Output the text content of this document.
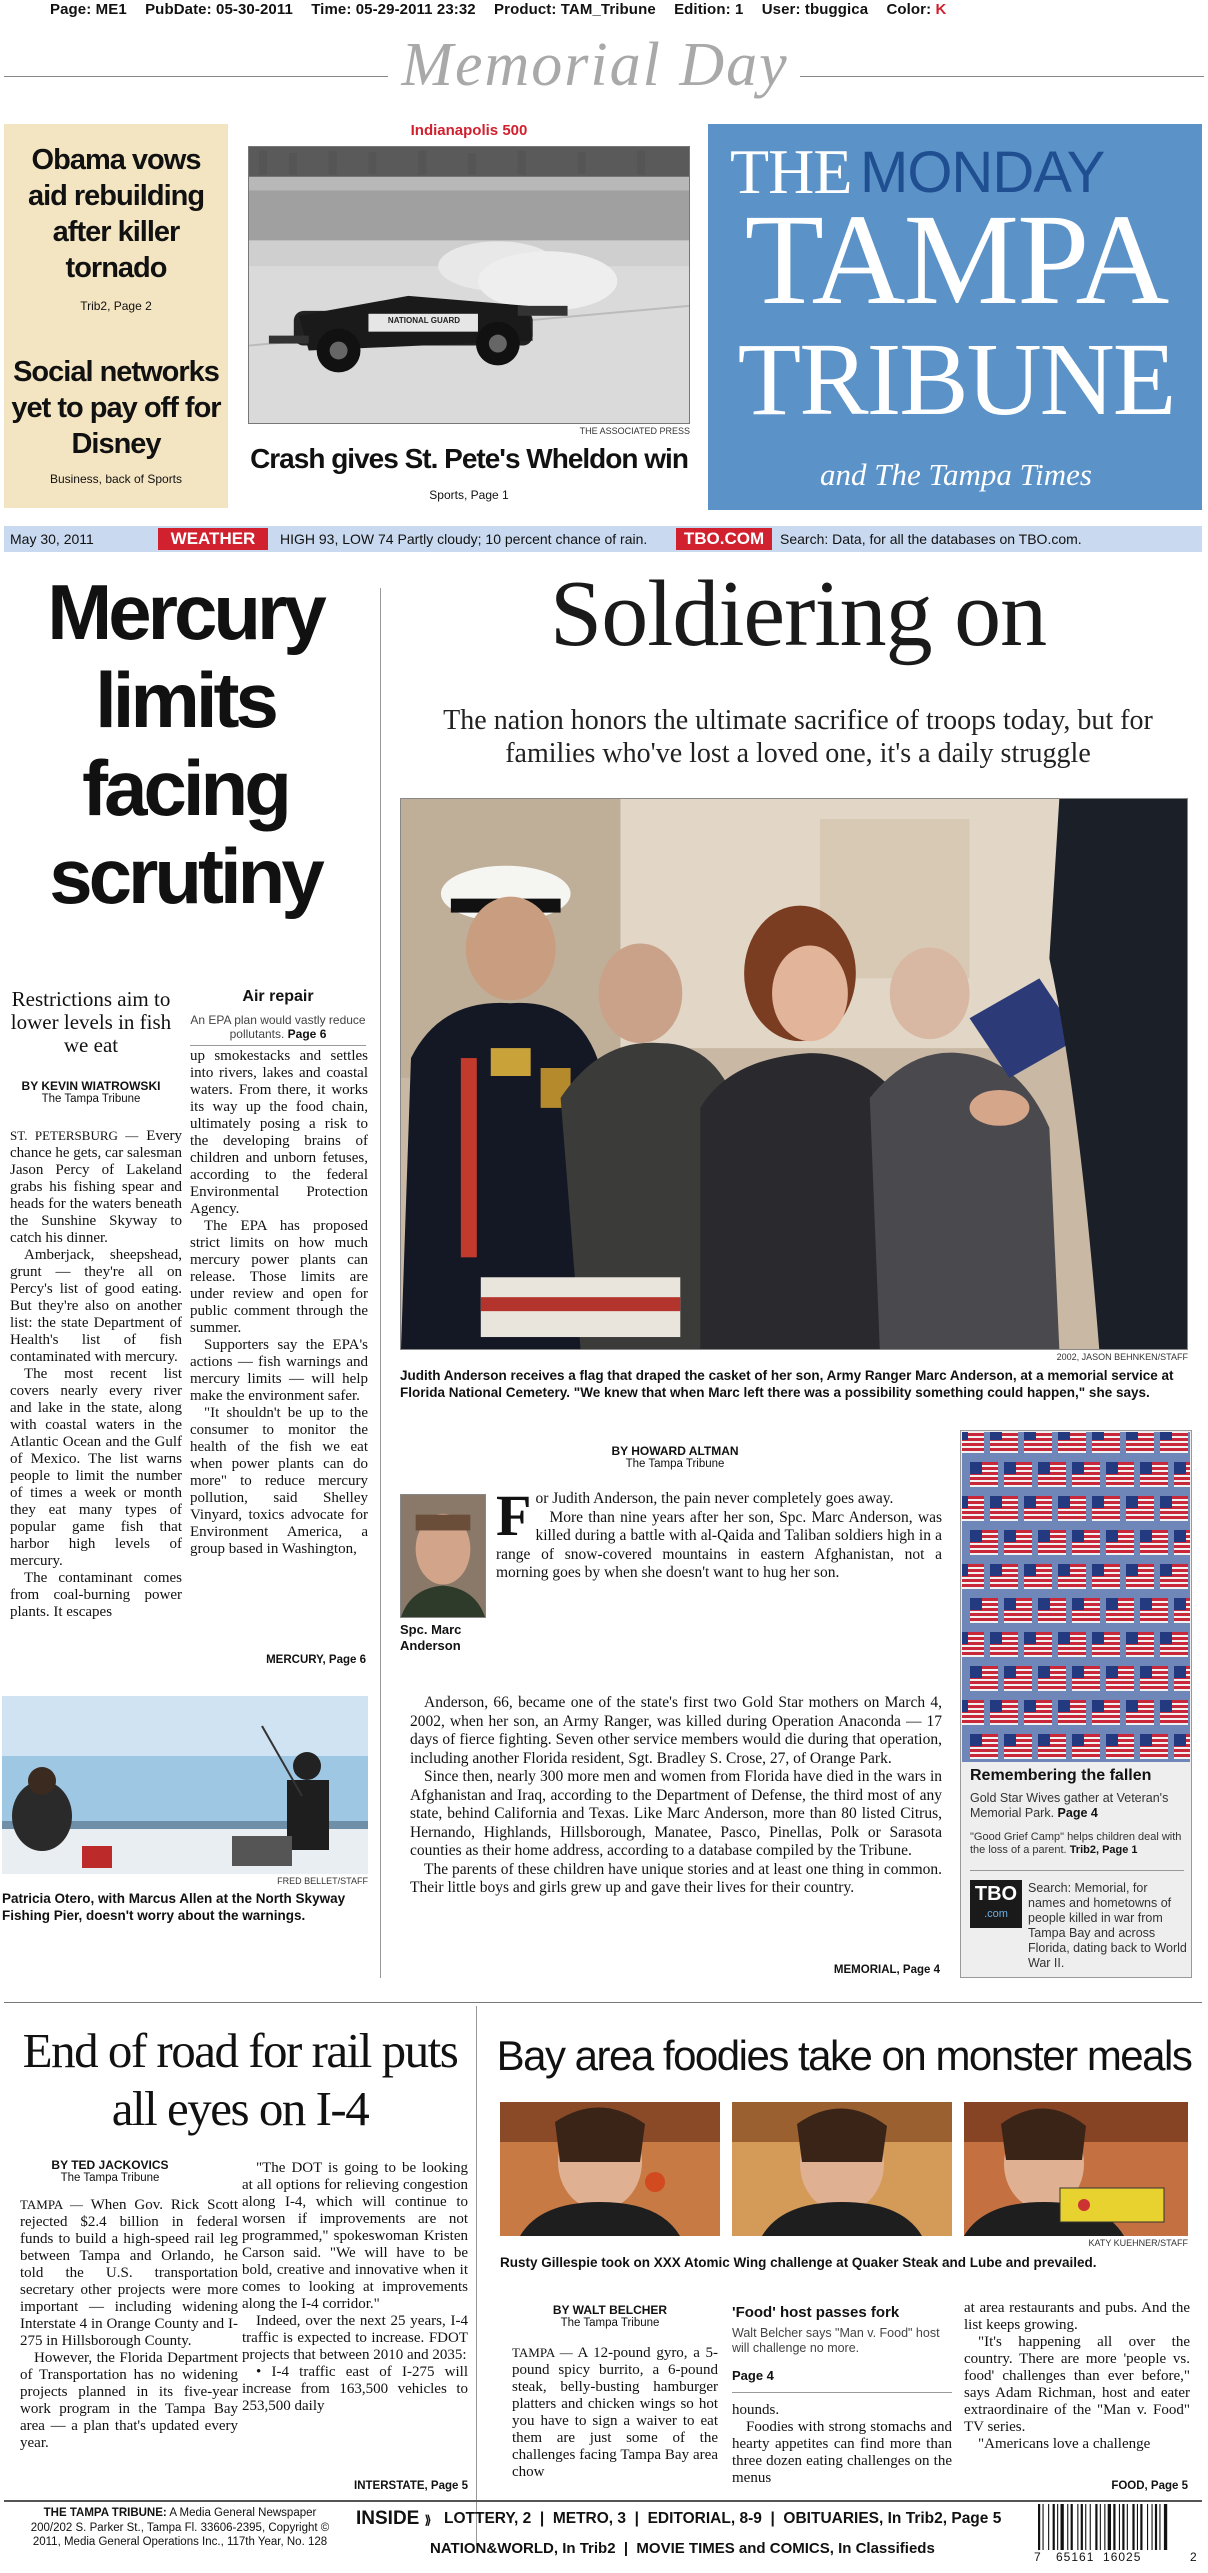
Page: ME1 PubDate: 05-30-2011 Time: 05-29-2011 23:32 Product: TAM_Tribune Edition: 1 User: tbuggica Color: K
Memorial Day
Obama vows aid rebuilding after killer tornado
Trib2, Page 2
Social networks yet to pay off for Disney
Business, back of Sports
Indianapolis 500
NATIONAL GUARD
THE ASSOCIATED PRESS
Crash gives St. Pete's Wheldon win
Sports, Page 1
THE MONDAY
TAMPA
TRIBUNE
and The Tampa Times
May 30, 2011	WEATHER	HIGH 93, LOW 74 Partly cloudy; 10 percent chance of rain.	TBO.COM	Search: Data, for all the databases on TBO.com.
Mercury limits facing scrutiny
Restrictions aim to lower levels in fish we eat
BY KEVIN WIATROWSKI
The Tampa Tribune

ST. PETERSBURG — Every chance he gets, car salesman Jason Percy of Lakeland grabs his fishing spear and heads for the waters beneath the Sunshine Skyway to catch his dinner.

Amberjack, sheepshead, grunt — they're all on Percy's list of good eating. But they're also on another list: the state Department of Health's list of fish contaminated with mercury.

The most recent list covers nearly every river and lake in the state, along with coastal waters in the Atlantic Ocean and the Gulf of Mexico. The list warns people to limit the number of times a week or month they eat many types of popular game fish that harbor high levels of mercury.

The contaminant comes from coal-burning power plants. It escapes

Air repair
An EPA plan would vastly reduce pollutants. Page 6

up smokestacks and settles into rivers, lakes and coastal waters. From there, it works its way up the food chain, ultimately posing a risk to the developing brains of children and unborn fetuses, according to the federal Environmental Protection Agency.

The EPA has proposed strict limits on how much mercury power plants can release. Those limits are under review and open for public comment through the summer.

Supporters say the EPA's actions — fish warnings and mercury limits — will help make the environment safer.

"It shouldn't be up to the consumer to monitor the health of the fish we eat when power plants can do more" to reduce mercury pollution, said Shelley Vinyard, toxics advocate for Environment America, a group based in Washington,

MERCURY, Page 6
FRED BELLET/STAFF
Patricia Otero, with Marcus Allen at the North Skyway Fishing Pier, doesn't worry about the warnings.
Soldiering on
The nation honors the ultimate sacrifice of troops today, but for families who've lost a loved one, it's a daily struggle
2002, JASON BEHNKEN/STAFF
Judith Anderson receives a flag that draped the casket of her son, Army Ranger Marc Anderson, at a memorial service at Florida National Cemetery. "We knew that when Marc left there was a possibility something could happen," she says.
BY HOWARD ALTMAN
The Tampa Tribune
Spc. Marc Anderson

For Judith Anderson, the pain never completely goes away.

More than nine years after her son, Spc. Marc Anderson, was killed during a battle with al-Qaida and Taliban soldiers high in a range of snow-covered mountains in eastern Afghanistan, not a morning goes by when she doesn't want to hug her son.

Anderson, 66, became one of the state's first two Gold Star mothers on March 4, 2002, when her son, an Army Ranger, was killed during Operation Anaconda — 17 days of fierce fighting. Seven other service members would die during that operation, including another Florida resident, Sgt. Bradley S. Crose, 27, of Orange Park.

Since then, nearly 300 more men and women from Florida have died in the wars in Afghanistan and Iraq, according to the Department of Defense, the third most of any state, behind California and Texas. Like Marc Anderson, more than 80 listed Citrus, Hernando, Highlands, Hillsborough, Manatee, Pasco, Pinellas, Polk or Sarasota counties as their home address, according to a database compiled by the Tribune.

The parents of these children have unique stories and at least one thing in common. Their little boys and girls grew up and gave their lives for their country.

MEMORIAL, Page 4
Remembering the fallen
Gold Star Wives gather at Veteran's Memorial Park. Page 4
"Good Grief Camp" helps children deal with the loss of a parent. Trib2, Page 1
TBO
.com
Search: Memorial, for names and hometowns of people killed in war from Tampa Bay and across Florida, dating back to World War II.
End of road for rail puts all eyes on I-4
BY TED JACKOVICS
The Tampa Tribune

TAMPA — When Gov. Rick Scott rejected $2.4 billion in federal funds to build a high-speed rail leg between Tampa and Orlando, he told the U.S. transportation secretary other projects were more important — including widening Interstate 4 in Orange County and I-275 in Hillsborough County.

However, the Florida Department of Transportation has no widening projects planned in its five-year work program in the Tampa Bay area — a plan that's updated every year.

"The DOT is going to be looking at all options for relieving congestion along I-4, which will continue to worsen if improvements are not programmed," spokeswoman Kristen Carson said. "We will have to be bold, creative and innovative when it comes to looking at improvements along the I-4 corridor."

Indeed, over the next 25 years, I-4 traffic is expected to increase. FDOT projects that between 2010 and 2035:

• I-4 traffic east of I-275 will increase from 163,500 vehicles to 253,500 daily

INTERSTATE, Page 5
Bay area foodies take on monster meals
KATY KUEHNER/STAFF
Rusty Gillespie took on XXX Atomic Wing challenge at Quaker Steak and Lube and prevailed.
BY WALT BELCHER
The Tampa Tribune

TAMPA — A 12-pound gyro, a 5-pound spicy burrito, a 6-pound steak, belly-busting hamburger platters and chicken wings so hot you have to sign a waiver to eat them are just some of the challenges facing Tampa Bay area chow

'Food' host passes fork
Walt Belcher says "Man v. Food" host will challenge no more.
Page 4

hounds.

Foodies with strong stomachs and hearty appetites can find more than three dozen eating challenges on the menus

at area restaurants and pubs. And the list keeps growing.

"It's happening all over the country. There are more 'people vs. food' challenges than ever before," says Adam Richman, host and eater extraordinaire of the "Man v. Food" TV series.

"Americans love a challenge

FOOD, Page 5
THE TAMPA TRIBUNE: A Media General Newspaper
200/202 S. Parker St., Tampa Fl. 33606-2395, Copyright ©
2011, Media General Operations Inc., 117th Year, No. 128
INSIDE ⟫ LOTTERY, 2  |  METRO, 3  |  EDITORIAL, 8-9  |  OBITUARIES, In Trib2, Page 5
NATION&WORLD, In Trib2  |  MOVIE TIMES and COMICS, In Classifieds	7 65161  16025	2
